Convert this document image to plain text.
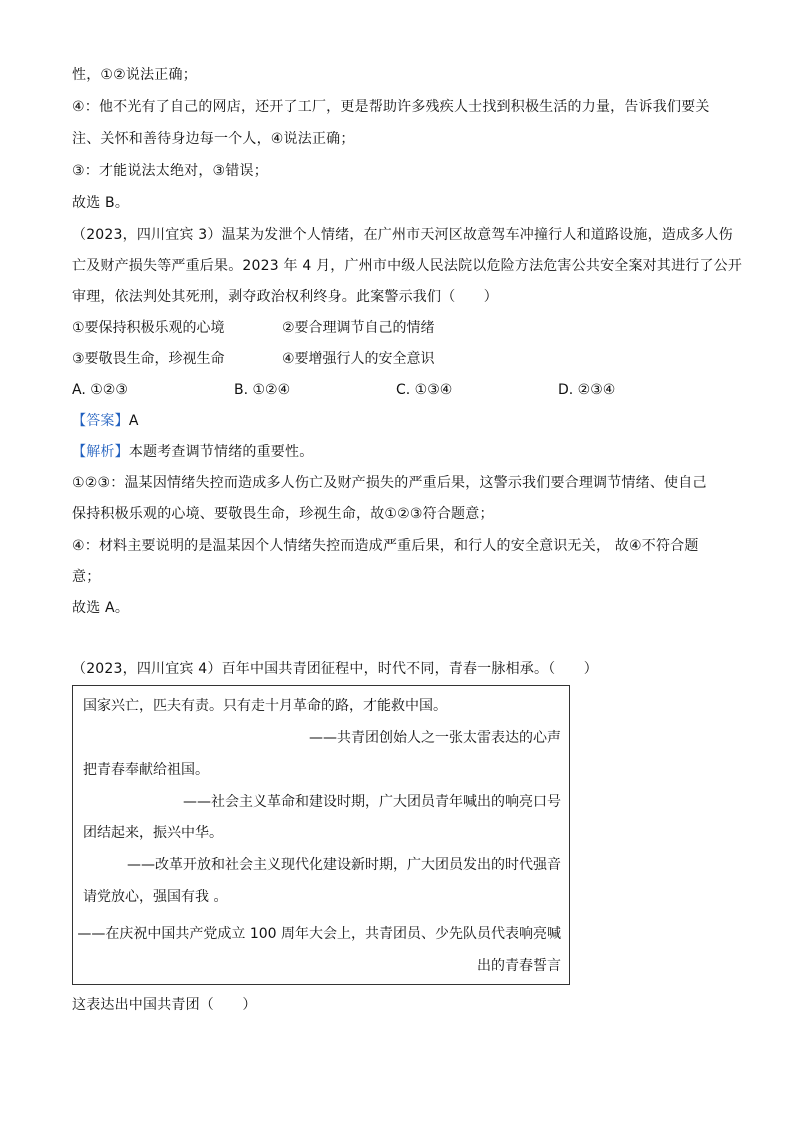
性，①②说法正确；
④：他不光有了自己的网店，还开了工厂，更是帮助许多残疾人士找到积极生活的力量，告诉我们要关
注、关怀和善待身边每一个人，④说法正确；
③：才能说法太绝对，③错误；
故选 B。
（2023，四川宜宾 3）温某为发泄个人情绪，在广州市天河区故意驾车冲撞行人和道路设施，造成多人伤
亡及财产损失等严重后果。2023 年 4 月，广州市中级人民法院以危险方法危害公共安全案对其进行了公开
审理，依法判处其死刑，剥夺政治权利终身。此案警示我们（　　）
①要保持积极乐观的心境	②要合理调节自己的情绪
③要敬畏生命，珍视生命	④要增强行人的安全意识
A. ①②③	B. ①②④	C. ①③④	D. ②③④
【答案】A
【解析】本题考查调节情绪的重要性。
①②③：温某因情绪失控而造成多人伤亡及财产损失的严重后果，这警示我们要合理调节情绪、使自己
保持积极乐观的心境、要敬畏生命，珍视生命，故①②③符合题意；
④：材料主要说明的是温某因个人情绪失控而造成严重后果，和行人的安全意识无关， 故④不符合题
意；
故选 A。
（2023，四川宜宾 4）百年中国共青团征程中，时代不同，青春一脉相承。（　　）
国家兴亡，匹夫有责。只有走十月革命的路，才能救中国。
——共青团创始人之一张太雷表达的心声
把青春奉献给祖国。
——社会主义革命和建设时期，广大团员青年喊出的响亮口号
团结起来，振兴中华。
——改革开放和社会主义现代化建设新时期，广大团员发出的时代强音
请党放心，强国有我 。
——在庆祝中国共产党成立 100 周年大会上，共青团员、少先队员代表响亮喊
出的青春誓言
这表达出中国共青团（　　）
